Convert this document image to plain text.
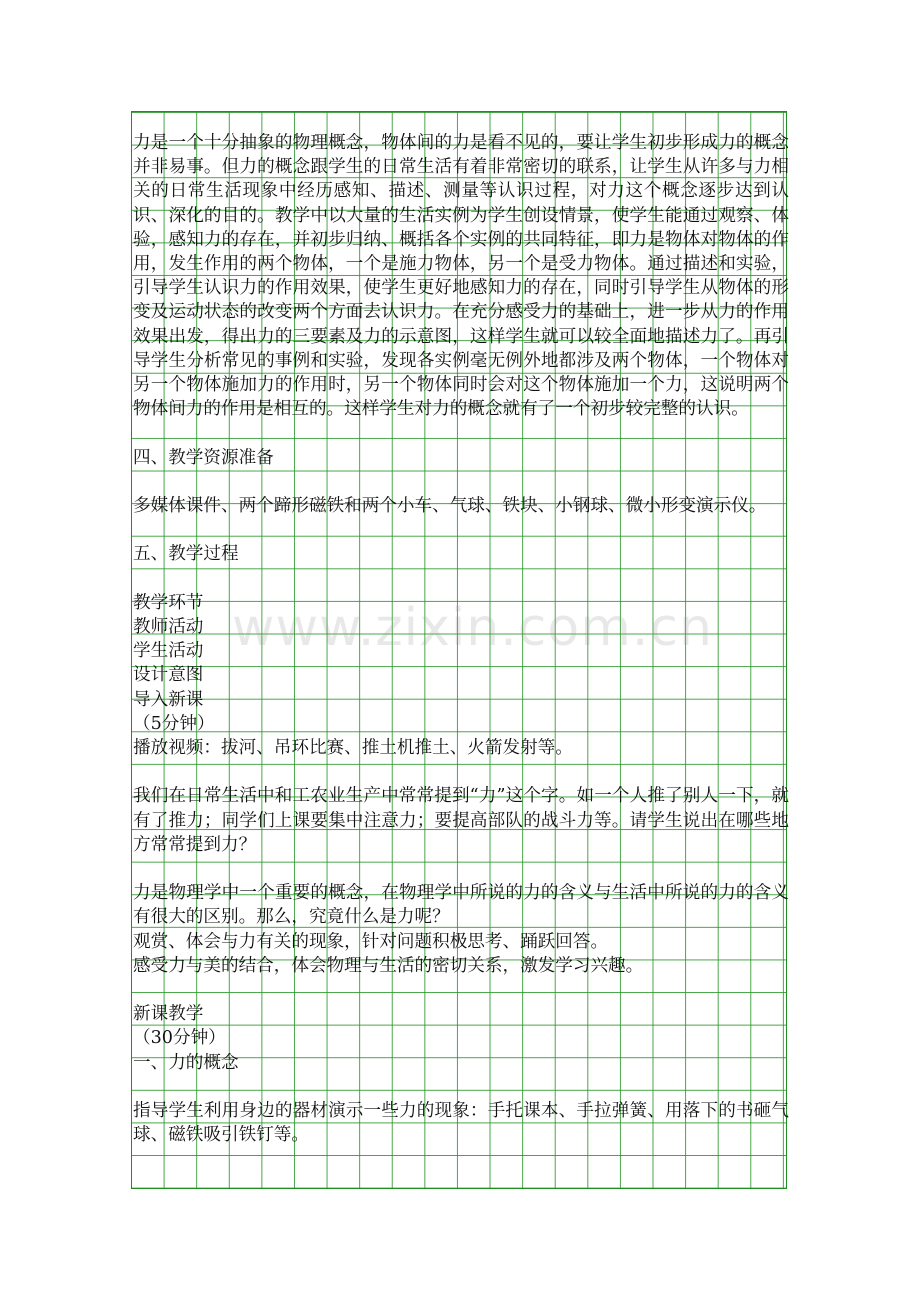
www.zixin.com.cn

力是一个十分抽象的物理概念，物体间的力是看不见的，要让学生初步形成力的概念并非易事。但力的概念跟学生的日常生活有着非常密切的联系，让学生从许多与力相关的日常生活现象中经历感知、描述、测量等认识过程，对力这个概念逐步达到认识、深化的目的。教学中以大量的生活实例为学生创设情景，使学生能通过观察、体验，感知力的存在，并初步归纳、概括各个实例的共同特征，即力是物体对物体的作用，发生作用的两个物体，一个是施力物体，另一个是受力物体。通过描述和实验，引导学生认识力的作用效果，使学生更好地感知力的存在，同时引导学生从物体的形变及运动状态的改变两个方面去认识力。在充分感受力的基础上，进一步从力的作用效果出发，得出力的三要素及力的示意图，这样学生就可以较全面地描述力了。再引导学生分析常见的事例和实验，发现各实例毫无例外地都涉及两个物体，一个物体对另一个物体施加力的作用时，另一个物体同时会对这个物体施加一个力，这说明两个物体间力的作用是相互的。这样学生对力的概念就有了一个初步较完整的认识。

四、教学资源准备

多媒体课件、两个蹄形磁铁和两个小车、气球、铁块、小钢球、微小形变演示仪。

五、教学过程

教学环节

教师活动

学生活动

设计意图

导入新课

（5分钟）

播放视频：拔河、吊环比赛、推土机推土、火箭发射等。

我们在日常生活中和工农业生产中常常提到“力”这个字。如一个人推了别人一下，就有了推力；同学们上课要集中注意力；要提高部队的战斗力等。请学生说出在哪些地方常常提到力？

力是物理学中一个重要的概念，在物理学中所说的力的含义与生活中所说的力的含义有很大的区别。那么，究竟什么是力呢？

观赏、体会与力有关的现象，针对问题积极思考、踊跃回答。

感受力与美的结合，体会物理与生活的密切关系，激发学习兴趣。

新课教学

（30分钟）

一、力的概念

指导学生利用身边的器材演示一些力的现象：手托课本、手拉弹簧、用落下的书砸气球、磁铁吸引铁钉等。
